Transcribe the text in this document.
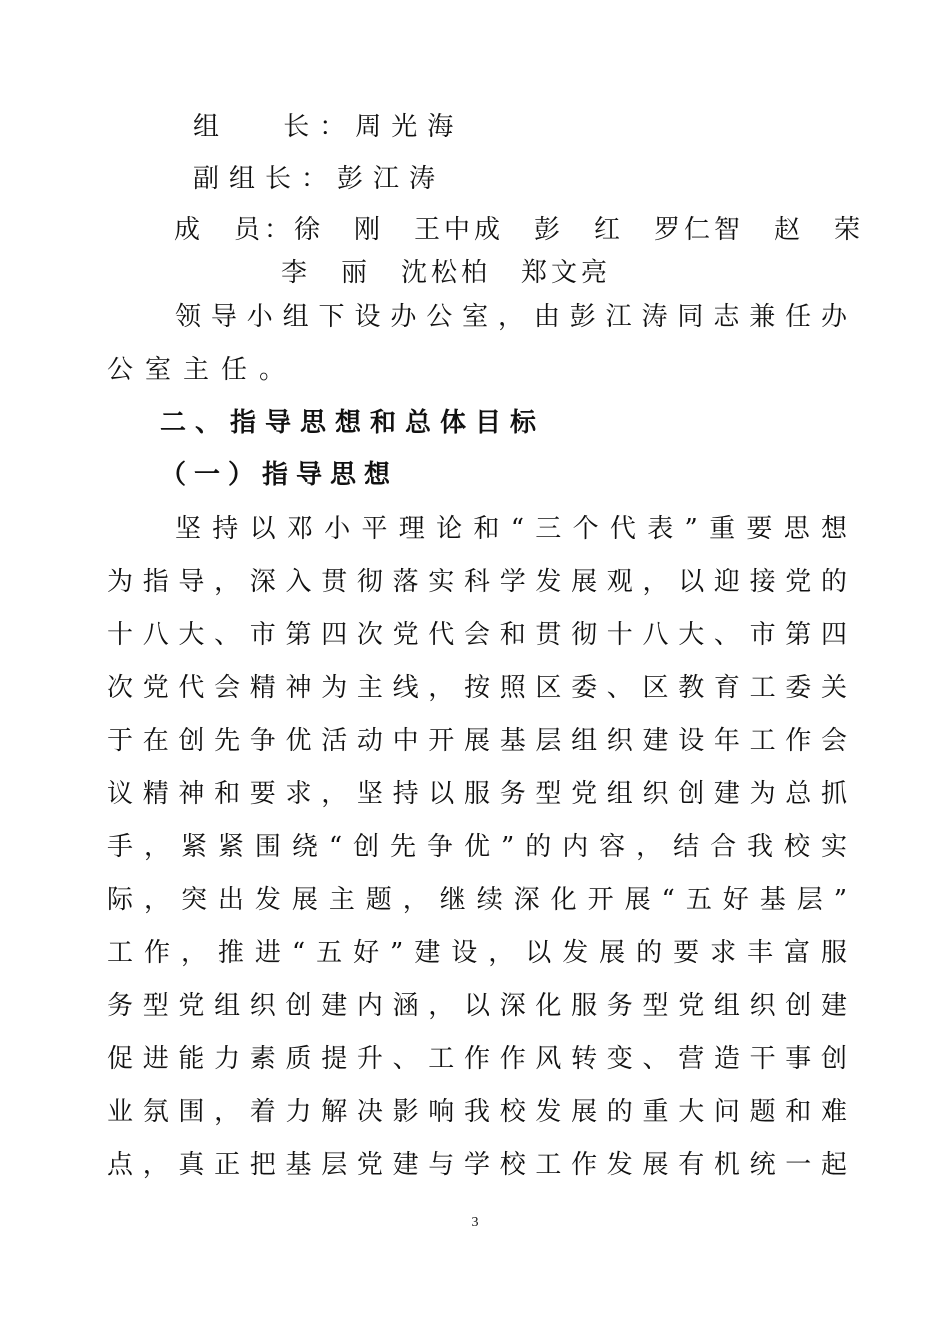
组　 长：周光海
副组长：彭江涛
成　员：徐　刚　王中成　彭　红　罗仁智　赵　荣
李　丽　沈松柏　郑文亮
领导小组下设办公室，由彭江涛同志兼任办
公室主任。
二、指导思想和总体目标
（一）指导思想
坚持以邓小平理论和“三个代表”重要思想
为指导，深入贯彻落实科学发展观，以迎接党的
十八大、市第四次党代会和贯彻十八大、市第四
次党代会精神为主线，按照区委、区教育工委关
于在创先争优活动中开展基层组织建设年工作会
议精神和要求，坚持以服务型党组织创建为总抓
手，紧紧围绕“创先争优”的内容，结合我校实
际，突出发展主题，继续深化开展“五好基层”
工作，推进“五好”建设，以发展的要求丰富服
务型党组织创建内涵，以深化服务型党组织创建
促进能力素质提升、工作作风转变、营造干事创
业氛围，着力解决影响我校发展的重大问题和难
点，真正把基层党建与学校工作发展有机统一起
3
